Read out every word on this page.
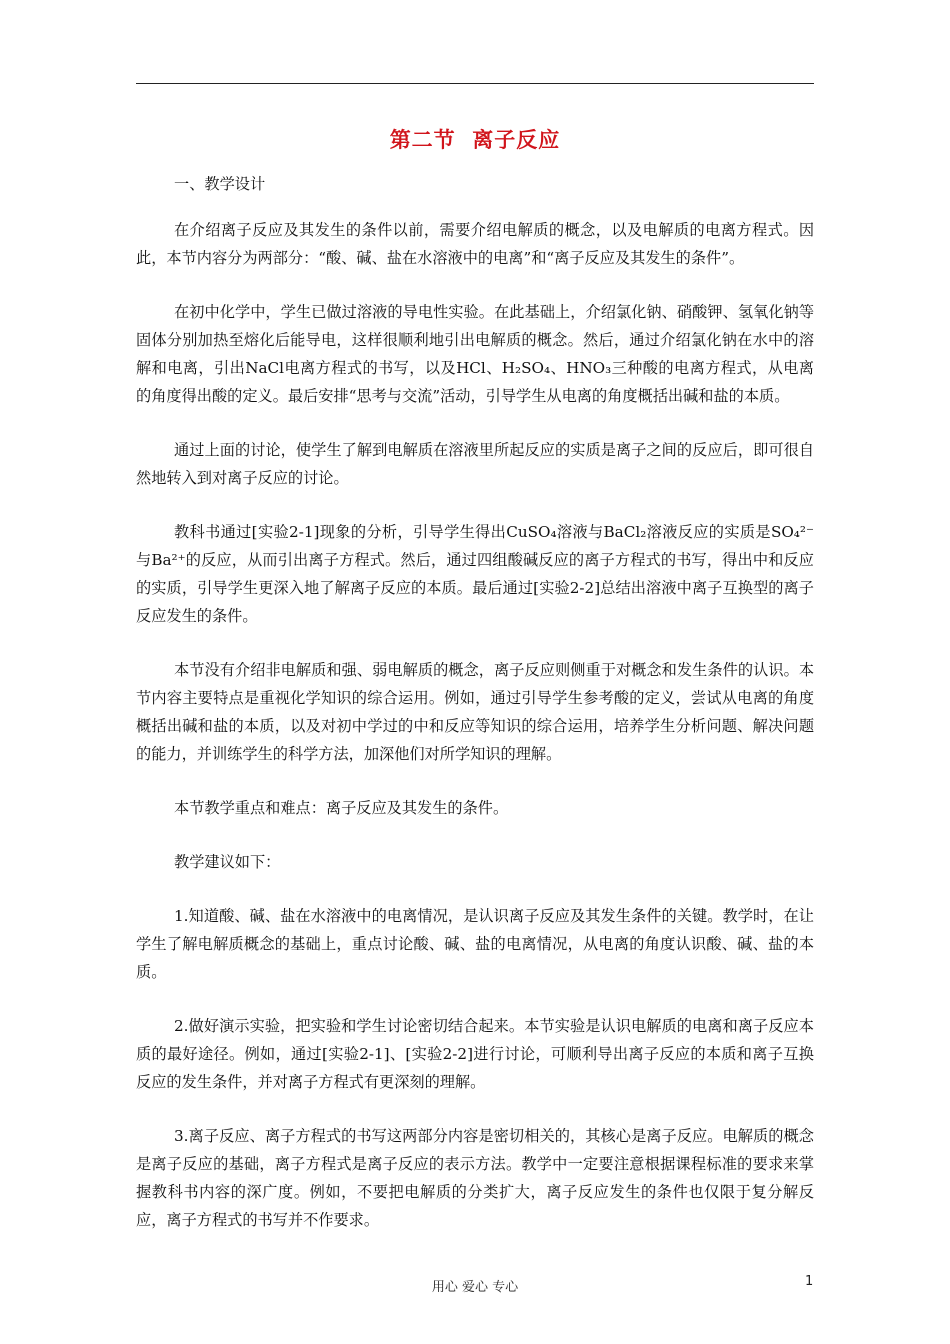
第二节  离子反应

一、教学设计

在介绍离子反应及其发生的条件以前，需要介绍电解质的概念，以及电解质的电离方程式。因此，本节内容分为两部分：“酸、碱、盐在水溶液中的电离”和“离子反应及其发生的条件”。

在初中化学中，学生已做过溶液的导电性实验。在此基础上，介绍氯化钠、硝酸钾、氢氧化钠等固体分别加热至熔化后能导电，这样很顺利地引出电解质的概念。然后，通过介绍氯化钠在水中的溶解和电离，引出NaCl电离方程式的书写，以及HCl、H₂SO₄、HNO₃三种酸的电离方程式，从电离的角度得出酸的定义。最后安排“思考与交流”活动，引导学生从电离的角度概括出碱和盐的本质。

通过上面的讨论，使学生了解到电解质在溶液里所起反应的实质是离子之间的反应后，即可很自然地转入到对离子反应的讨论。

教科书通过[实验2-1]现象的分析，引导学生得出CuSO₄溶液与BaCl₂溶液反应的实质是SO₄²⁻与Ba²⁺的反应，从而引出离子方程式。然后，通过四组酸碱反应的离子方程式的书写，得出中和反应的实质，引导学生更深入地了解离子反应的本质。最后通过[实验2-2]总结出溶液中离子互换型的离子反应发生的条件。

本节没有介绍非电解质和强、弱电解质的概念，离子反应则侧重于对概念和发生条件的认识。本节内容主要特点是重视化学知识的综合运用。例如，通过引导学生参考酸的定义，尝试从电离的角度概括出碱和盐的本质，以及对初中学过的中和反应等知识的综合运用，培养学生分析问题、解决问题的能力，并训练学生的科学方法，加深他们对所学知识的理解。

本节教学重点和难点：离子反应及其发生的条件。

教学建议如下：

1.知道酸、碱、盐在水溶液中的电离情况，是认识离子反应及其发生条件的关键。教学时，在让学生了解电解质概念的基础上，重点讨论酸、碱、盐的电离情况，从电离的角度认识酸、碱、盐的本质。

2.做好演示实验，把实验和学生讨论密切结合起来。本节实验是认识电解质的电离和离子反应本质的最好途径。例如，通过[实验2-1]、[实验2-2]进行讨论，可顺利导出离子反应的本质和离子互换反应的发生条件，并对离子方程式有更深刻的理解。

3.离子反应、离子方程式的书写这两部分内容是密切相关的，其核心是离子反应。电解质的概念是离子反应的基础，离子方程式是离子反应的表示方法。教学中一定要注意根据课程标准的要求来掌握教科书内容的深广度。例如，不要把电解质的分类扩大，离子反应发生的条件也仅限于复分解反应，离子方程式的书写并不作要求。

用心 爱心 专心	1
